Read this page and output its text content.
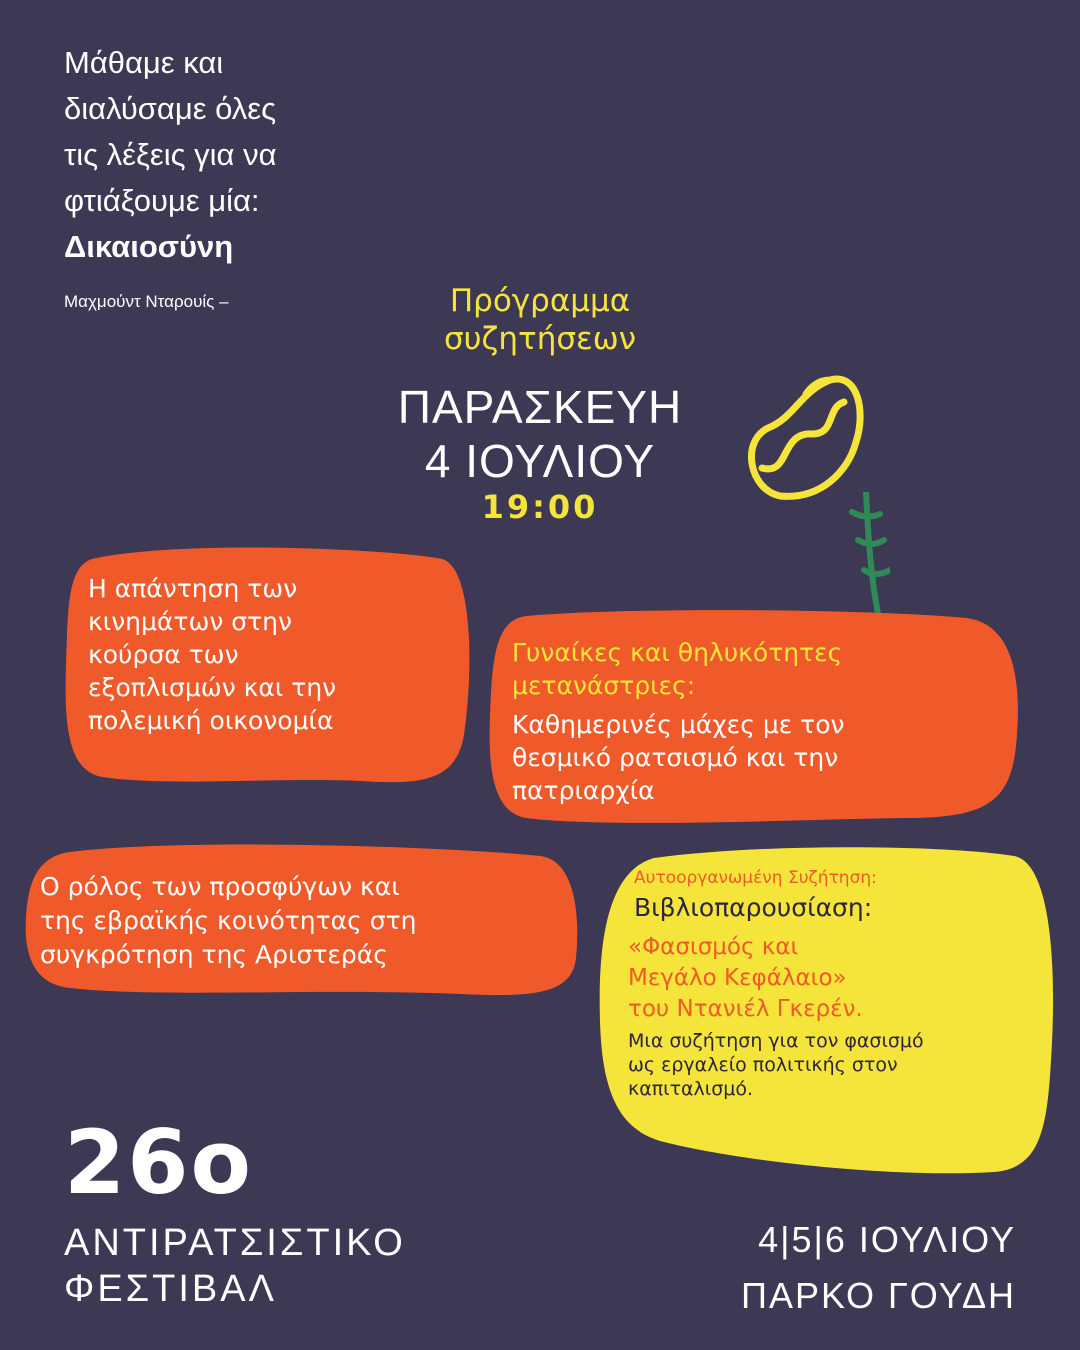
Μάθαμε και
διαλύσαμε όλες
τις λέξεις για να
φτιάξουμε μία:
Δικαιοσύνη
Μαχμούντ Νταρουίς –	Πρόγραμμα
συζητήσεων
ΠΑΡΑΣΚΕΥΗ
4 ΙΟΥΛΙΟΥ
19:00
Η απάντηση των
κινημάτων στην
κούρσα των
εξοπλισμών και την
πολεμική οικονομία
Γυναίκες και θηλυκότητες
μετανάστριες:
Καθημερινές μάχες με τον
θεσμικό ρατσισμό και την
πατριαρχία
Ο ρόλος των προσφύγων και
της εβραϊκής κοινότητας στη
συγκρότηση της Αριστεράς
Αυτοοργανωμένη Συζήτηση:
Βιβλιοπαρουσίαση:
«Φασισμός και
Μεγάλο Κεφάλαιο»
του Ντανιέλ Γκερέν.
Μια συζήτηση για τον φασισμό
ως εργαλείο πολιτικής στον
καπιταλισμό.
26ο
ΑΝΤΙΡΑΤΣΙΣΤΙΚΟ
ΦΕΣΤΙΒΑΛ
4|5|6 ΙΟΥΛΙΟΥ
ΠΑΡΚΟ ΓΟΥΔΗ
